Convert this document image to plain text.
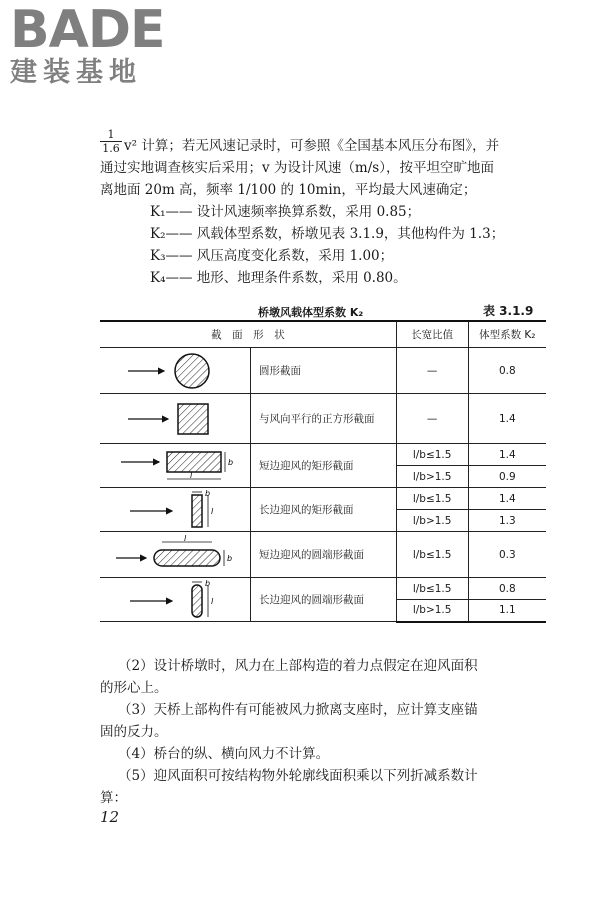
BADE
建装基地
$\frac{1}{1.6} v^2$ 计算；若无风速记录时，可参照《全国基本风压分布图》，并
通过实地调查核实后采用；v 为设计风速（m/s），按平坦空旷地面
离地面 20m 高，频率 1/100 的 10min，平均最大风速确定；
K₁—— 设计风速频率换算系数，采用 0.85；
K₂—— 风载体型系数，桥墩见表 3.1.9，其他构件为 1.3；
K₃—— 风压高度变化系数，采用 1.00；
K₄—— 地形、地理条件系数，采用 0.80。
桥墩风载体型系数 K₂	表 3.1.9
截　面　形　状		长宽比值	体型系数 K₂

	圆形截面	—	0.8

	与风向平行的正方形截面	—	1.4

b
l	短边迎风的矩形截面	l/b≤1.5	1.4
		l/b>1.5	0.9

b
l	长边迎风的矩形截面	l/b≤1.5	1.4
		l/b>1.5	1.3

l
b	短边迎风的圆端形截面	l/b≤1.5	0.3

b
l	长边迎风的圆端形截面	l/b≤1.5	0.8
		l/b>1.5	1.1
（2）设计桥墩时，风力在上部构造的着力点假定在迎风面积
的形心上。
（3）天桥上部构件有可能被风力掀离支座时，应计算支座锚
固的反力。
（4）桥台的纵、横向风力不计算。
（5）迎风面积可按结构物外轮廓线面积乘以下列折减系数计
算：
12
